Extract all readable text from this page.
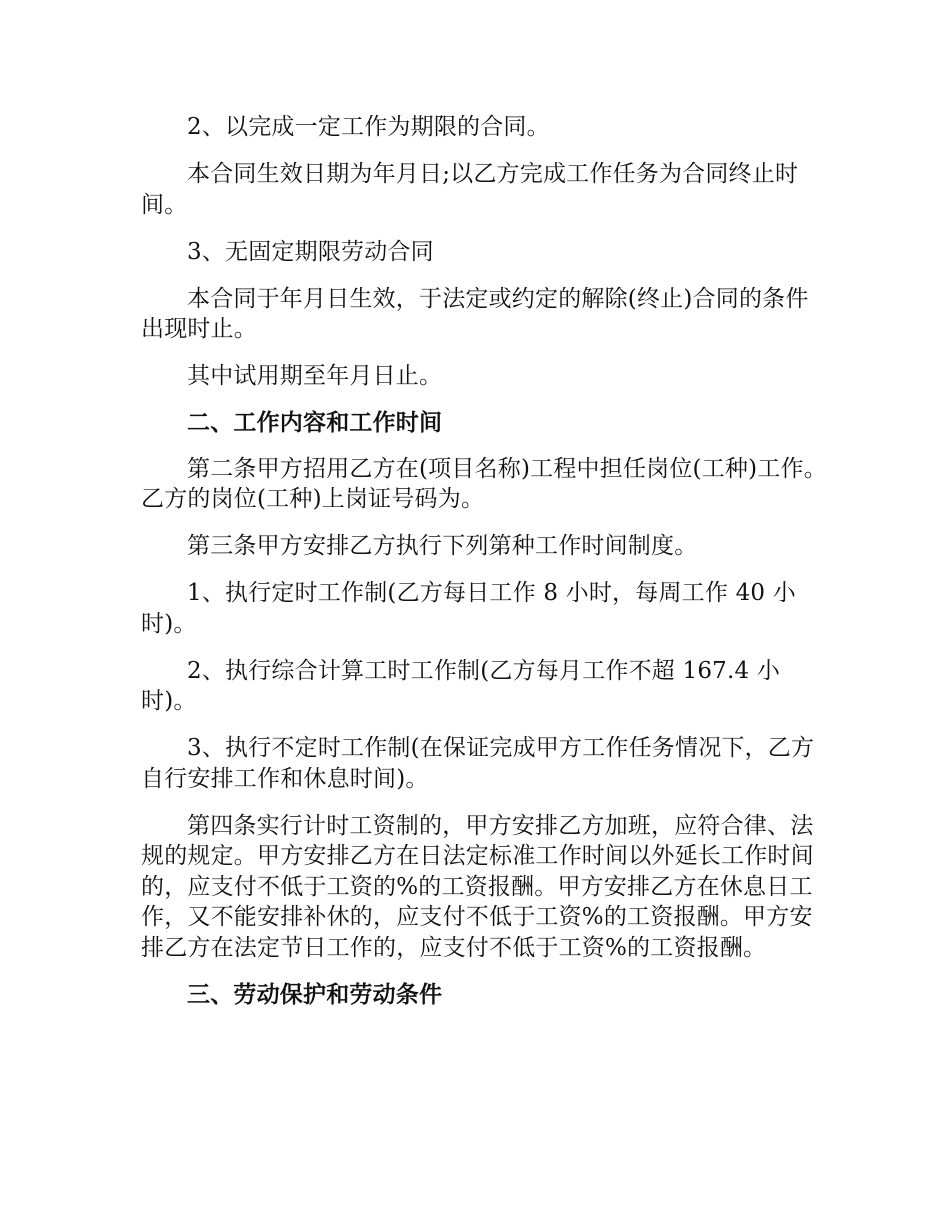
2、以完成一定工作为期限的合同。

本合同生效日期为年月日;以乙方完成工作任务为合同终止时间。

3、无固定期限劳动合同

本合同于年月日生效，于法定或约定的解除(终止)合同的条件出现时止。

其中试用期至年月日止。

二、工作内容和工作时间

第二条甲方招用乙方在(项目名称)工程中担任岗位(工种)工作。乙方的岗位(工种)上岗证号码为。

第三条甲方安排乙方执行下列第种工作时间制度。

1、执行定时工作制(乙方每日工作 8 小时，每周工作 40 小时)。

2、执行综合计算工时工作制(乙方每月工作不超 167.4 小时)。

3、执行不定时工作制(在保证完成甲方工作任务情况下，乙方自行安排工作和休息时间)。

第四条实行计时工资制的，甲方安排乙方加班，应符合律、法规的规定。甲方安排乙方在日法定标准工作时间以外延长工作时间的，应支付不低于工资的%的工资报酬。甲方安排乙方在休息日工作，又不能安排补休的，应支付不低于工资%的工资报酬。甲方安排乙方在法定节日工作的，应支付不低于工资%的工资报酬。

三、劳动保护和劳动条件
